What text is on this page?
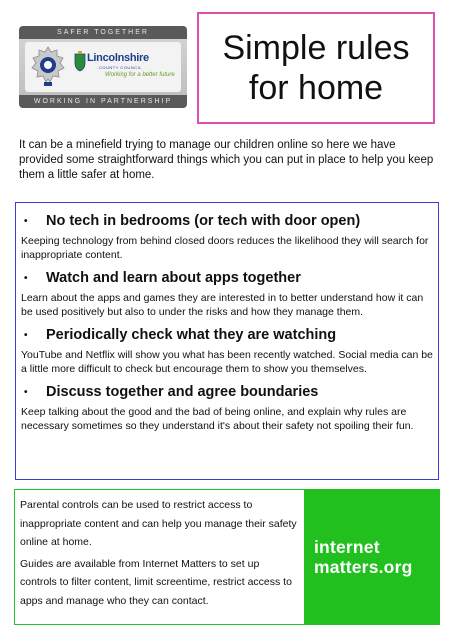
SAFER TOGETHER
Lincolnshire
COUNTY COUNCIL
Working for a better future
WORKING IN PARTNERSHIP
Simple rules
for home
It can be a minefield trying to manage our children online so here we have provided some straightforward things which you can put in place to help you keep them a little safer at home.
•	No tech in bedrooms (or tech with door open)

Keeping technology from behind closed doors reduces the likelihood they will search for inappropriate content.

•	Watch and learn about apps together

Learn about the apps and games they are interested in to better understand how it can be used positively but also to under the risks and how they manage them.

•	Periodically check what they are watching

YouTube and Netflix will show you what has been recently watched. Social media can be a little more difficult to check but encourage them to show you themselves.

•	Discuss together and agree boundaries

Keep talking about the good and the bad of being online, and explain why rules are necessary sometimes so they understand it's about their safety not spoiling their fun.

Parental controls can be used to restrict access to inappropriate content and can help you manage their safety online at home.

Guides are available from Internet Matters to set up controls to filter content, limit screentime, restrict access to apps and manage who they can contact.

internet
matters.org
